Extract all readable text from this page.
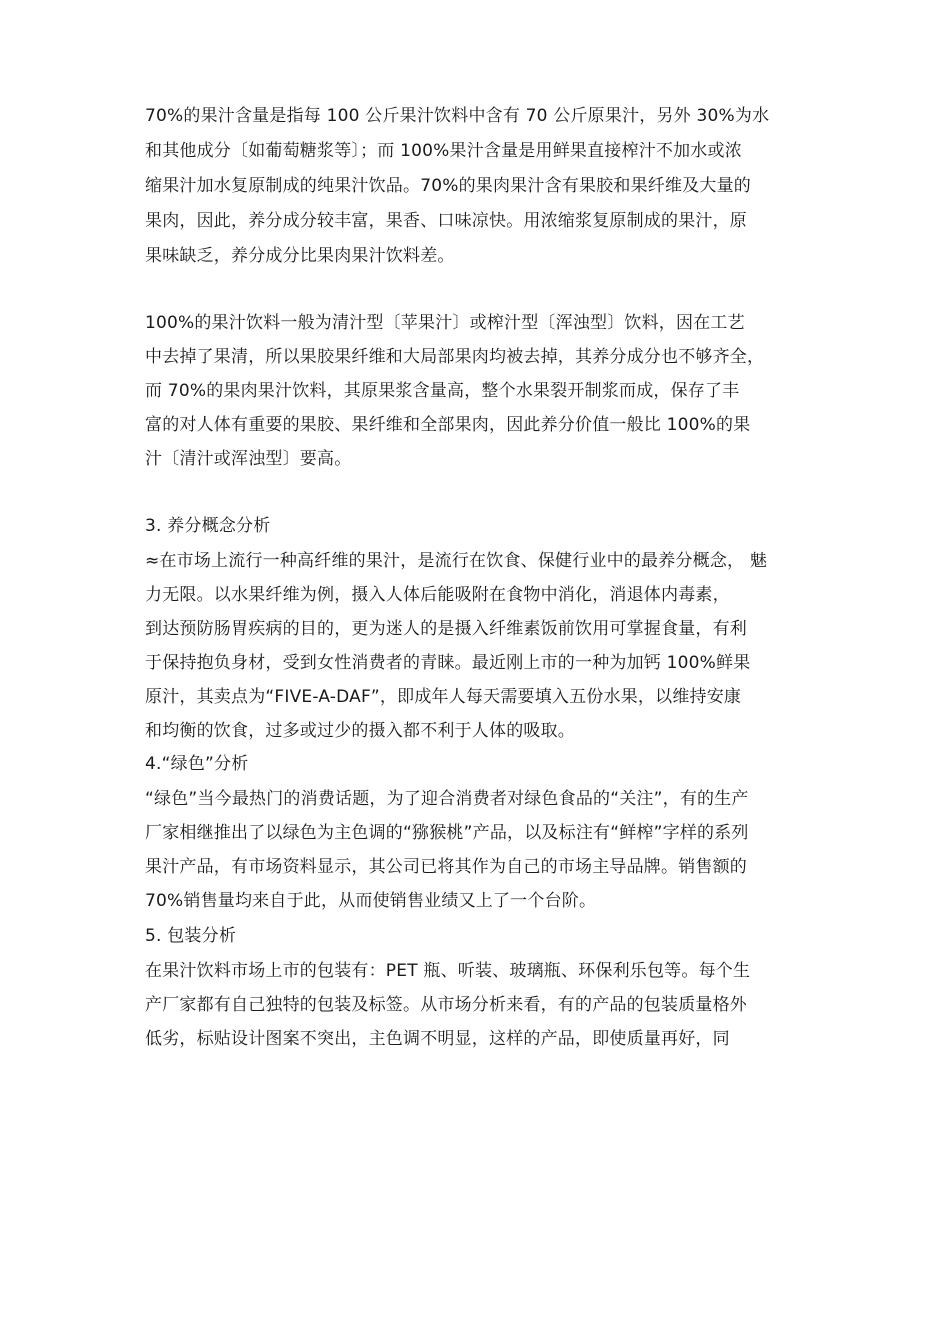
70%的果汁含量是指每 100 公斤果汁饮料中含有 70 公斤原果汁，另外 30%为水
和其他成分〔如葡萄糖浆等〕；而 100%果汁含量是用鲜果直接榨汁不加水或浓
缩果汁加水复原制成的纯果汁饮品。70%的果肉果汁含有果胶和果纤维及大量的
果肉，因此，养分成分较丰富，果香、口味凉快。用浓缩浆复原制成的果汁，原
果味缺乏，养分成分比果肉果汁饮料差。
100%的果汁饮料一般为清汁型〔苹果汁〕或榨汁型〔浑浊型〕饮料，因在工艺
中去掉了果清，所以果胶果纤维和大局部果肉均被去掉，其养分成分也不够齐全，
而 70%的果肉果汁饮料，其原果浆含量高，整个水果裂开制浆而成，保存了丰
富的对人体有重要的果胶、果纤维和全部果肉，因此养分价值一般比 100%的果
汁〔清汁或浑浊型〕要高。
3. 养分概念分析
≈在市场上流行一种高纤维的果汁，是流行在饮食、保健行业中的最养分概念， 魅
力无限。以水果纤维为例，摄入人体后能吸附在食物中消化，消退体内毒素，
到达预防肠胃疾病的目的，更为迷人的是摄入纤维素饭前饮用可掌握食量，有利
于保持抱负身材，受到女性消费者的青睐。最近刚上市的一种为加钙 100%鲜果
原汁，其卖点为“FIVE-A-DAF”，即成年人每天需要填入五份水果，以维持安康
和均衡的饮食，过多或过少的摄入都不利于人体的吸取。
4.“绿色”分析
“绿色”当今最热门的消费话题，为了迎合消费者对绿色食品的“关注”，有的生产
厂家相继推出了以绿色为主色调的“猕猴桃”产品，以及标注有“鲜榨”字样的系列
果汁产品，有市场资料显示，其公司已将其作为自己的市场主导品牌。销售额的
70%销售量均来自于此，从而使销售业绩又上了一个台阶。
5. 包装分析
在果汁饮料市场上市的包装有：PET 瓶、听装、玻璃瓶、环保利乐包等。每个生
产厂家都有自己独特的包装及标签。从市场分析来看，有的产品的包装质量格外
低劣，标贴设计图案不突出，主色调不明显，这样的产品，即使质量再好，同
